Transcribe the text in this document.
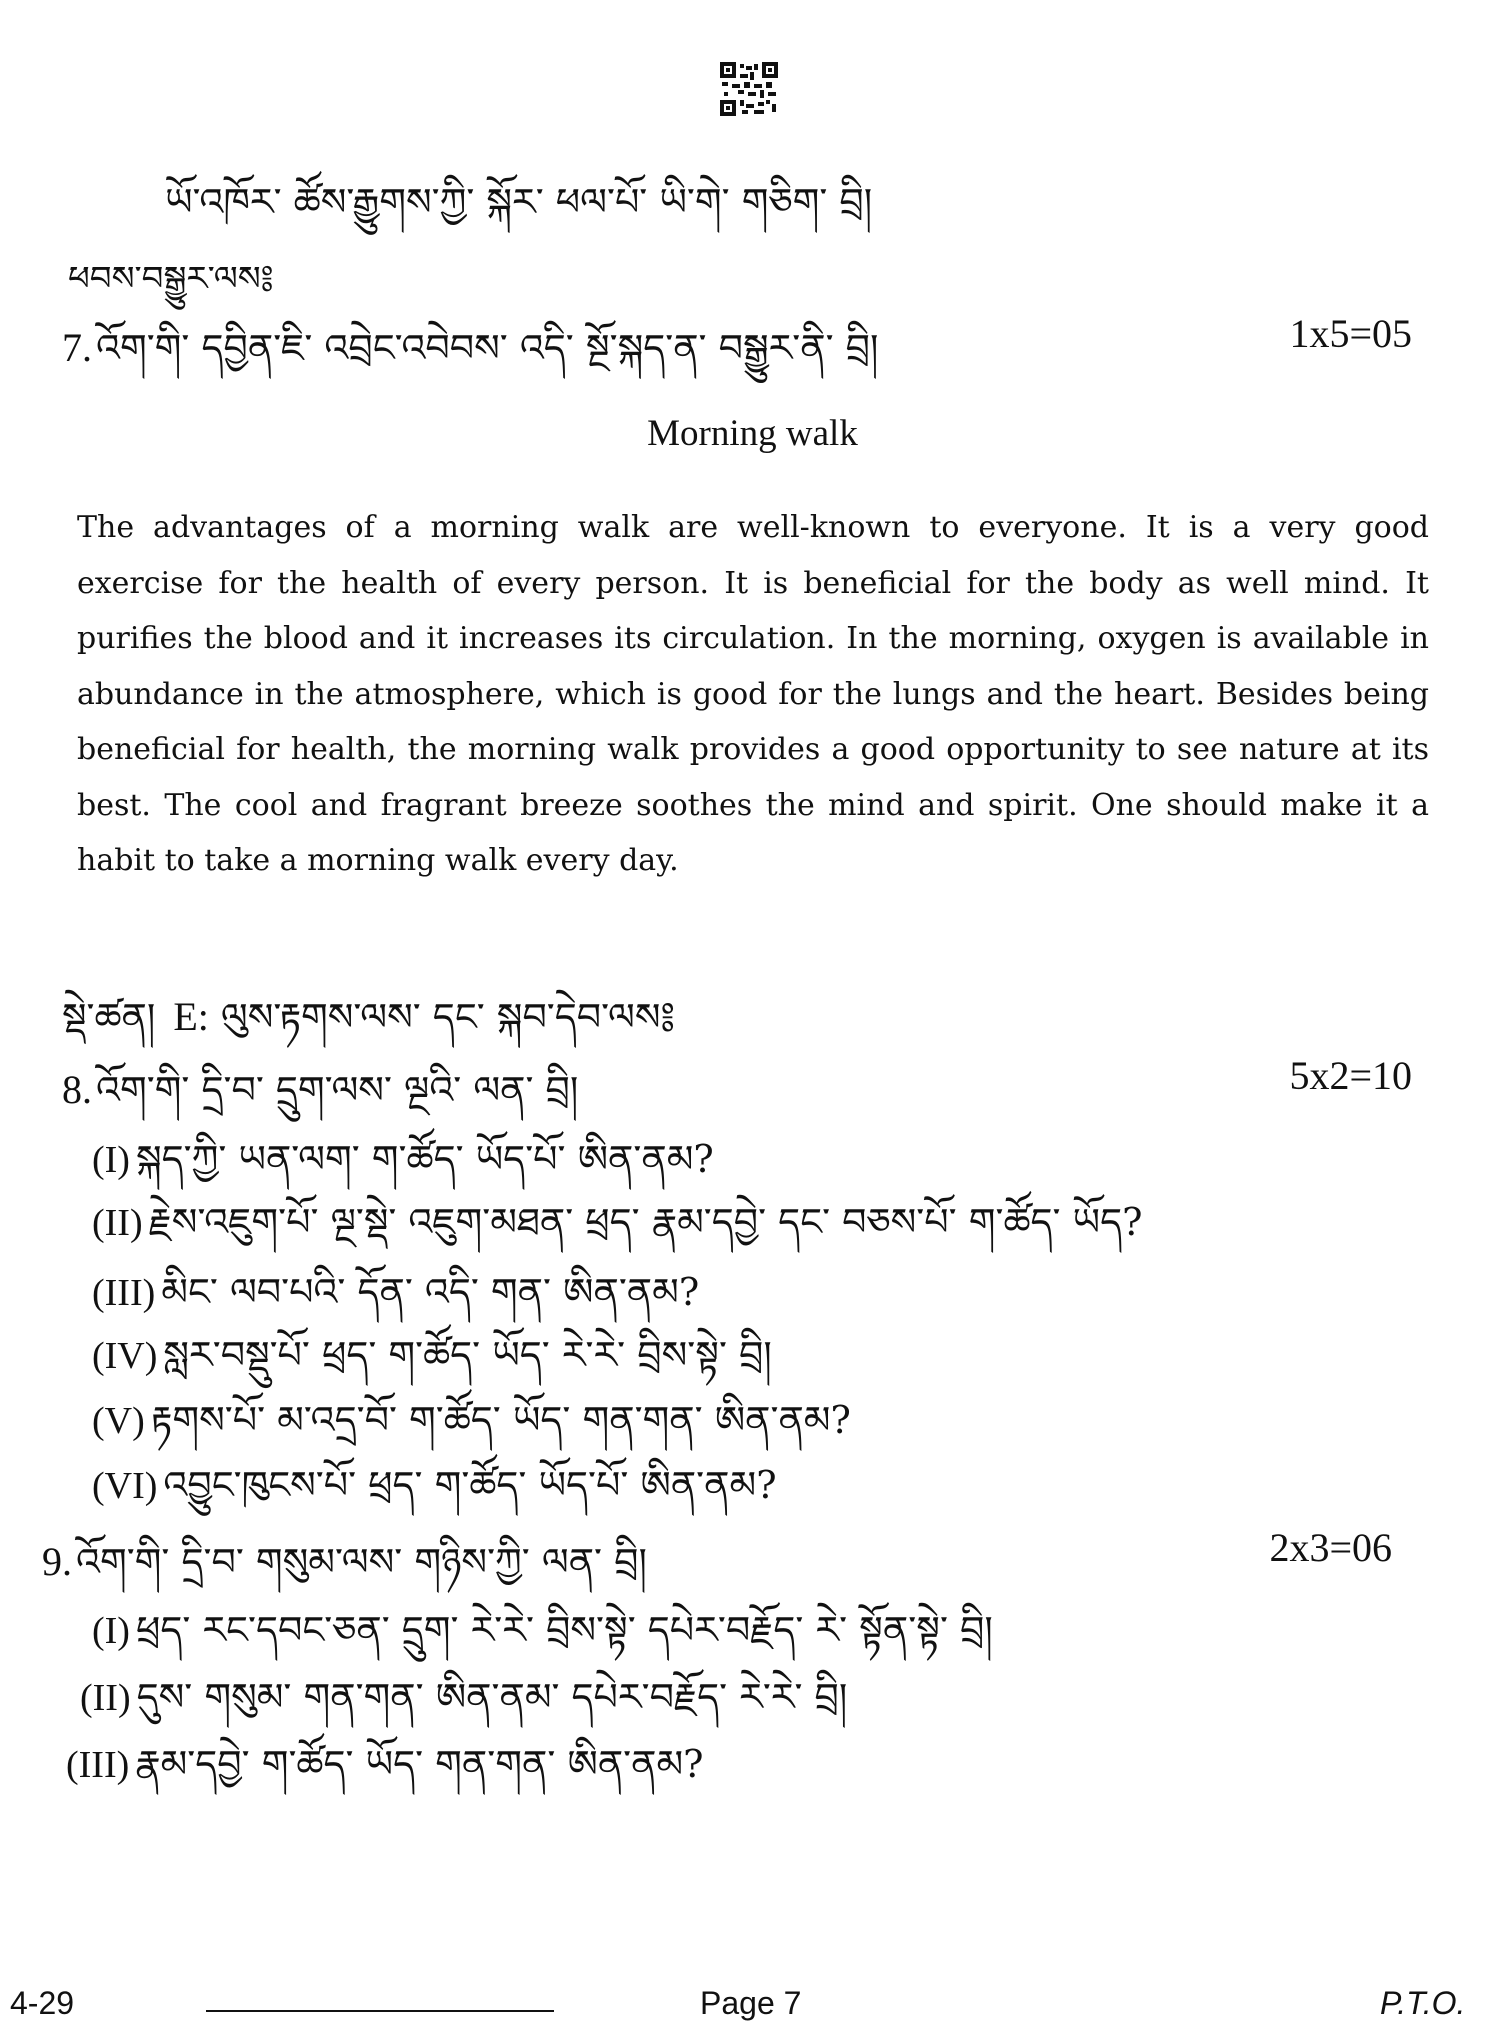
ཡོ་འཁོར་ ཚོས་རྒྱུགས་ཀྱི་ སྐོར་ ཕལ་པོ་ ཡི་གེ་ གཅིག་ བྲི།
ཕབས་བསྒྱུར་ལས༔
7. འོག་གི་ དབྱིན་ཇི་ འབྲེང་འབེབས་ འདི་ སྔོ་སྐད་ན་ བསྒྱུར་ནི་ བྲི།	1x5=05
Morning walk
The advantages of a morning walk are well-known to everyone. It is a very good exercise for the health of every person. It is beneficial for the body as well mind. It purifies the blood and it increases its circulation. In the morning, oxygen is available in abundance in the atmosphere, which is good for the lungs and the heart. Besides being beneficial for health, the morning walk provides a good opportunity to see nature at its best. The cool and fragrant breeze soothes the mind and spirit. One should make it a habit to take a morning walk every day.
སྡེ་ཚན། E: ལུས་རྟགས་ལས་ དང་ སྐབ་དེབ་ལས༔
8. འོག་གི་ དྲི་བ་ དྲུག་ལས་ ལྔའི་ ལན་ བྲི།	5x2=10
(I) སྐད་ཀྱི་ ཡན་ལག་ ག་ཚོད་ ཡོད་པོ་ ཨིན་ནམ?
(II) རྗེས་འཇུག་པོ་ ལྔ་སྡེ་ འཇུག་མཐན་ ཕྲད་ རྣམ་དབྱེ་ དང་ བཅས་པོ་ ག་ཚོད་ ཡོད?
(III) མིང་ ལབ་པའི་ དོན་ འདི་ གན་ ཨིན་ནམ?
(IV) སླར་བསྡུ་པོ་ ཕྲད་ ག་ཚོད་ ཡོད་ རེ་རེ་ བྲིས་སྟེ་ བྲི།
(V) རྟགས་པོ་ མ་འདྲ་བོ་ ག་ཚོད་ ཡོད་ གན་གན་ ཨིན་ནམ?
(VI) འབྱུང་ཁུངས་པོ་ ཕྲད་ ག་ཚོད་ ཡོད་པོ་ ཨིན་ནམ?
9. འོག་གི་ དྲི་བ་ གསུམ་ལས་ གཉིས་ཀྱི་ ལན་ བྲི།	2x3=06
(I) ཕྲད་ རང་དབང་ཅན་ དྲུག་ རེ་རེ་ བྲིས་སྟེ་ དཔེར་བརྗོད་ རེ་ སྟོན་སྟེ་ བྲི།
(II) དུས་ གསུམ་ གན་གན་ ཨིན་ནམ་ དཔེར་བརྗོད་ རེ་རེ་ བྲི།
(III) རྣམ་དབྱེ་ ག་ཚོད་ ཡོད་ གན་གན་ ཨིན་ནམ?
4-29	Page 7	P.T.O.
